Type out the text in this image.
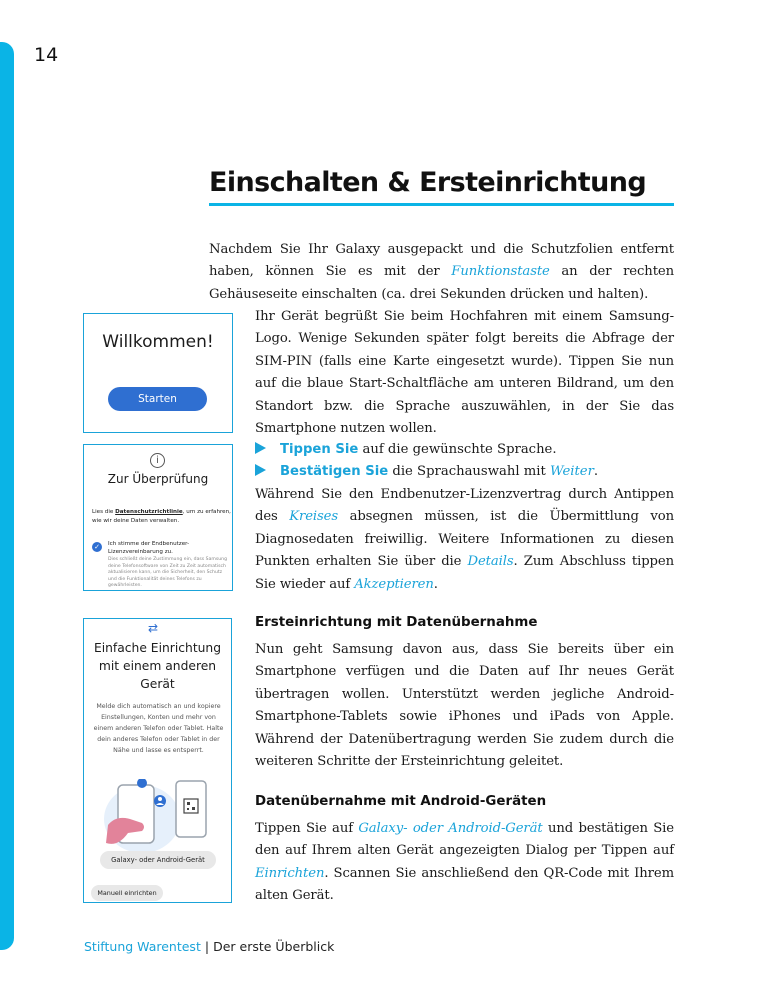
14
Einschalten & Ersteinrichtung

Nachdem Sie Ihr Galaxy ausgepackt und die Schutzfolien entfernt haben, können Sie es mit der Funktionstaste an der rechten Gehäuseseite einschalten (ca. drei Sekunden drücken und halten).

Ihr Gerät begrüßt Sie beim Hochfahren mit einem Samsung-Logo. Wenige Sekunden später folgt bereits die Abfrage der SIM-PIN (falls eine Karte eingesetzt wurde). Tippen Sie nun auf die blaue Start-Schaltfläche am unteren Bildrand, um den Standort bzw. die Sprache auszuwählen, in der Sie das Smartphone nutzen wollen.

Tippen Sie auf die gewünschte Sprache.
Bestätigen Sie die Sprachauswahl mit Weiter.

Während Sie den Endbenutzer-Lizenzvertrag durch Antippen des Kreises absegnen müssen, ist die Übermittlung von Diagnosedaten freiwillig. Weitere Informationen zu diesen Punkten erhalten Sie über die Details. Zum Abschluss tippen Sie wieder auf Akzeptieren.

Ersteinrichtung mit Datenübernahme

Nun geht Samsung davon aus, dass Sie bereits über ein Smartphone verfügen und die Daten auf Ihr neues Gerät übertragen wollen. Unterstützt werden jegliche Android-Smartphone-Tablets sowie iPhones und iPads von Apple. Während der Datenübertragung werden Sie zudem durch die weiteren Schritte der Ersteinrichtung geleitet.

Datenübernahme mit Android-Geräten

Tippen Sie auf Galaxy- oder Android-Gerät und bestätigen Sie den auf Ihrem alten Gerät angezeigten Dialog per Tippen auf Einrichten. Scannen Sie anschließend den QR-Code mit Ihrem alten Gerät.

Willkommen!
Starten
i
Zur Überprüfung
Lies die Datenschutzrichtlinie, um zu erfahren, wie wir deine Daten verwalten.
✓	Ich stimme der Endbenutzer-Lizenzvereinbarung zu.
Dies schließt deine Zustimmung ein, dass Samsung deine Telefonsoftware von Zeit zu Zeit automatisch aktualisieren kann, um die Sicherheit, den Schutz und die Funktionalität deines Telefons zu gewährleisten.
⇄
Einfache Einrichtung mit einem anderen Gerät
Melde dich automatisch an und kopiere Einstellungen, Konten und mehr von einem anderen Telefon oder Tablet. Halte dein anderes Telefon oder Tablet in der Nähe und lasse es entsperrt.
Galaxy- oder Android-Gerät
Manuell einrichten
Stiftung Warentest | Der erste Überblick
